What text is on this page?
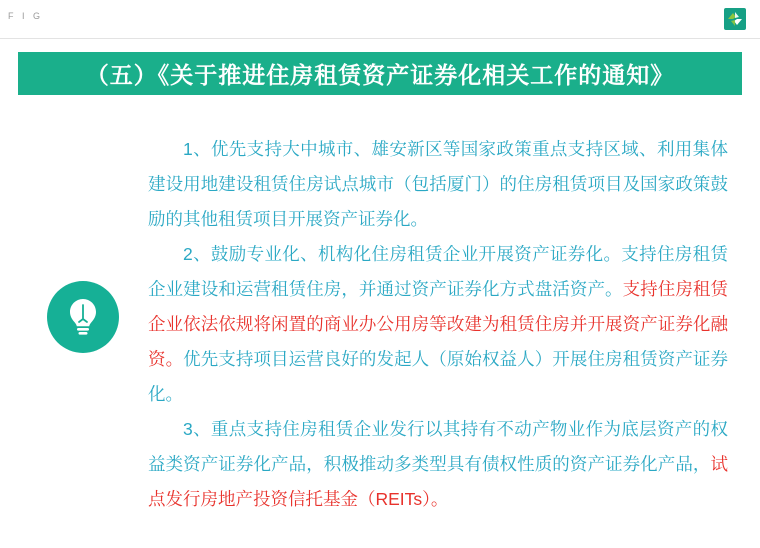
F I G
（五）《关于推进住房租赁资产证券化相关工作的通知》

1、优先支持大中城市、雄安新区等国家政策重点支持区域、利用集体建设用地建设租赁住房试点城市（包括厦门）的住房租赁项目及国家政策鼓励的其他租赁项目开展资产证券化。

2、鼓励专业化、机构化住房租赁企业开展资产证券化。支持住房租赁企业建设和运营租赁住房，并通过资产证券化方式盘活资产。支持住房租赁企业依法依规将闲置的商业办公用房等改建为租赁住房并开展资产证券化融资。优先支持项目运营良好的发起人（原始权益人）开展住房租赁资产证券化。

3、重点支持住房租赁企业发行以其持有不动产物业作为底层资产的权益类资产证券化产品，积极推动多类型具有债权性质的资产证券化产品，试点发行房地产投资信托基金（REITs）。
